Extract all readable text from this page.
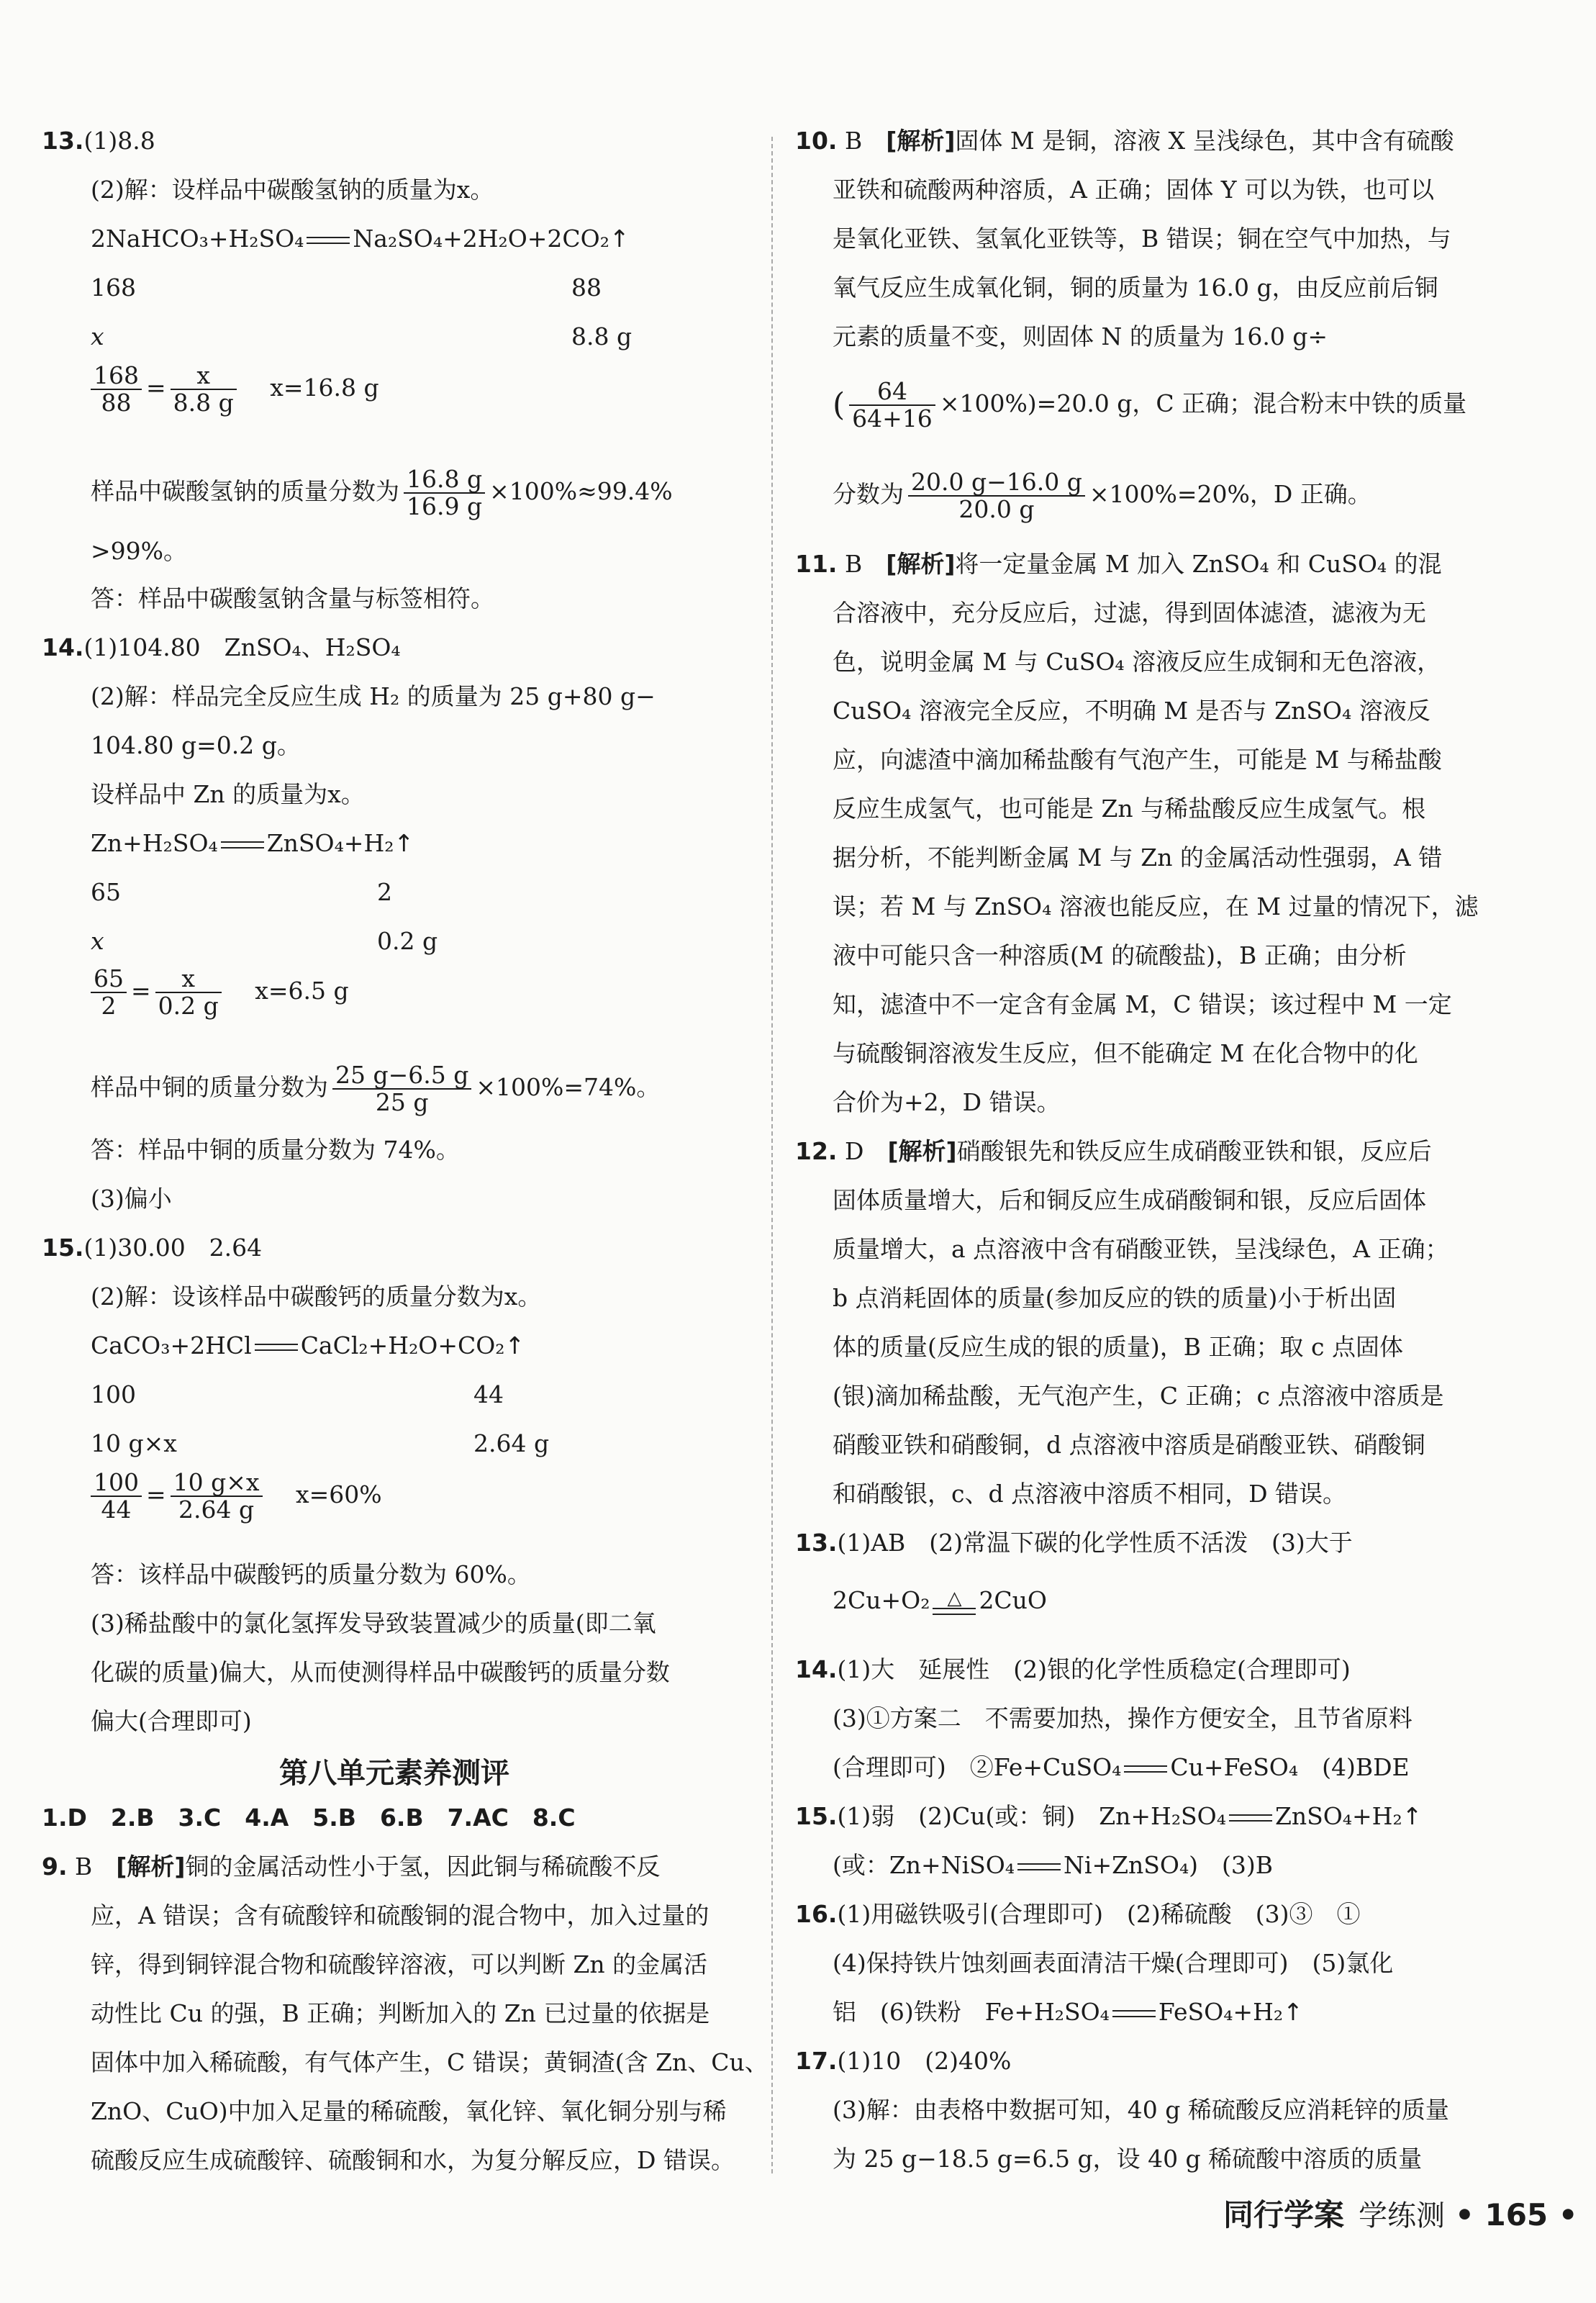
13.(1)8.8
(2)解：设样品中碳酸氢钠的质量为x。
2NaHCO₃+H₂SO₄ Na₂SO₄+2H₂O+2CO₂↑
168	88
x	8.8 g
$\frac{168}{88} = \frac{x}{8.8 g} x=16.8$ g
样品中碳酸氢钠的质量分数为 $\frac{16.8 g}{16.9 g} \times 100\%\approx 99.4\%$
>99%。
答：样品中碳酸氢钠含量与标签相符。
14.(1)104.80　ZnSO₄、H₂SO₄
(2)解：样品完全反应生成 H₂ 的质量为 25 g+80 g−
104.80 g=0.2 g。
设样品中 Zn 的质量为x。
Zn+H₂SO₄ ZnSO₄+H₂↑
65	2
x	0.2 g
$\frac{65}{2} = \frac{x}{0.2 g} x=6.5$ g
样品中铜的质量分数为 $\frac{25 g-6.5 g}{25 g} \times 100\%=74\%$。
答：样品中铜的质量分数为 74%。
(3)偏小
15.(1)30.00　2.64
(2)解：设该样品中碳酸钙的质量分数为x。
CaCO₃+2HCl CaCl₂+H₂O+CO₂↑
100	44
10 g×x	2.64 g
$\frac{100}{44} = \frac{10 g\times x}{2.64 g} x=60\%$
答：该样品中碳酸钙的质量分数为 60%。
(3)稀盐酸中的氯化氢挥发导致装置减少的质量(即二氧
化碳的质量)偏大，从而使测得样品中碳酸钙的质量分数
偏大(合理即可)
第八单元素养测评
1.D　2.B　3.C　4.A　5.B　6.B　7.AC　8.C
9. B　 [解析]铜的金属活动性小于氢，因此铜与稀硫酸不反
应，A 错误；含有硫酸锌和硫酸铜的混合物中，加入过量的
锌，得到铜锌混合物和硫酸锌溶液，可以判断 Zn 的金属活
动性比 Cu 的强，B 正确；判断加入的 Zn 已过量的依据是
固体中加入稀硫酸，有气体产生，C 错误；黄铜渣(含 Zn、Cu、
ZnO、CuO)中加入足量的稀硫酸，氧化锌、氧化铜分别与稀
硫酸反应生成硫酸锌、硫酸铜和水，为复分解反应，D 错误。
10. B　 [解析]固体 M 是铜，溶液 X 呈浅绿色，其中含有硫酸
亚铁和硫酸两种溶质，A 正确；固体 Y 可以为铁，也可以
是氧化亚铁、氢氧化亚铁等，B 错误；铜在空气中加热，与
氧气反应生成氧化铜，铜的质量为 16.0 g，由反应前后铜
元素的质量不变，则固体 N 的质量为 16.0 g÷
( $\frac{64}{64+16} \times 100\%)=20.0$ g，C 正确；混合粉末中铁的质量
分数为 $\frac{20.0 g-16.0 g}{20.0 g} \times 100\%=20\%$，D 正确。
11. B　 [解析]将一定量金属 M 加入 ZnSO₄ 和 CuSO₄ 的混
合溶液中，充分反应后，过滤，得到固体滤渣，滤液为无
色，说明金属 M 与 CuSO₄ 溶液反应生成铜和无色溶液，
CuSO₄ 溶液完全反应，不明确 M 是否与 ZnSO₄ 溶液反
应，向滤渣中滴加稀盐酸有气泡产生，可能是 M 与稀盐酸
反应生成氢气，也可能是 Zn 与稀盐酸反应生成氢气。根
据分析，不能判断金属 M 与 Zn 的金属活动性强弱，A 错
误；若 M 与 ZnSO₄ 溶液也能反应，在 M 过量的情况下，滤
液中可能只含一种溶质(M 的硫酸盐)，B 正确；由分析
知，滤渣中不一定含有金属 M，C 错误；该过程中 M 一定
与硫酸铜溶液发生反应，但不能确定 M 在化合物中的化
合价为+2，D 错误。
12. D　 [解析]硝酸银先和铁反应生成硝酸亚铁和银，反应后
固体质量增大，后和铜反应生成硝酸铜和银，反应后固体
质量增大，a 点溶液中含有硝酸亚铁，呈浅绿色，A 正确；
b 点消耗固体的质量(参加反应的铁的质量)小于析出固
体的质量(反应生成的银的质量)，B 正确；取 c 点固体
(银)滴加稀盐酸，无气泡产生，C 正确；c 点溶液中溶质是
硝酸亚铁和硝酸铜，d 点溶液中溶质是硝酸亚铁、硝酸铜
和硝酸银，c、d 点溶液中溶质不相同，D 错误。
13.(1)AB　(2)常温下碳的化学性质不活泼　(3)大于
2Cu+O₂ △ 2CuO
14.(1)大　延展性　(2)银的化学性质稳定(合理即可)
(3)①方案二　不需要加热，操作方便安全，且节省原料
(合理即可)　②Fe+CuSO₄ Cu+FeSO₄　(4)BDE
15.(1)弱　(2)Cu(或：铜)　Zn+H₂SO₄ ZnSO₄+H₂↑
(或：Zn+NiSO₄ Ni+ZnSO₄)　(3)B
16.(1)用磁铁吸引(合理即可)　(2)稀硫酸　(3)③　①
(4)保持铁片蚀刻画表面清洁干燥(合理即可)　(5)氯化
铝　(6)铁粉　Fe+H₂SO₄ FeSO₄+H₂↑
17.(1)10　(2)40%
(3)解：由表格中数据可知，40 g 稀硫酸反应消耗锌的质量
为 25 g−18.5 g=6.5 g，设 40 g 稀硫酸中溶质的质量
同行学案 学练测 • 165 •
